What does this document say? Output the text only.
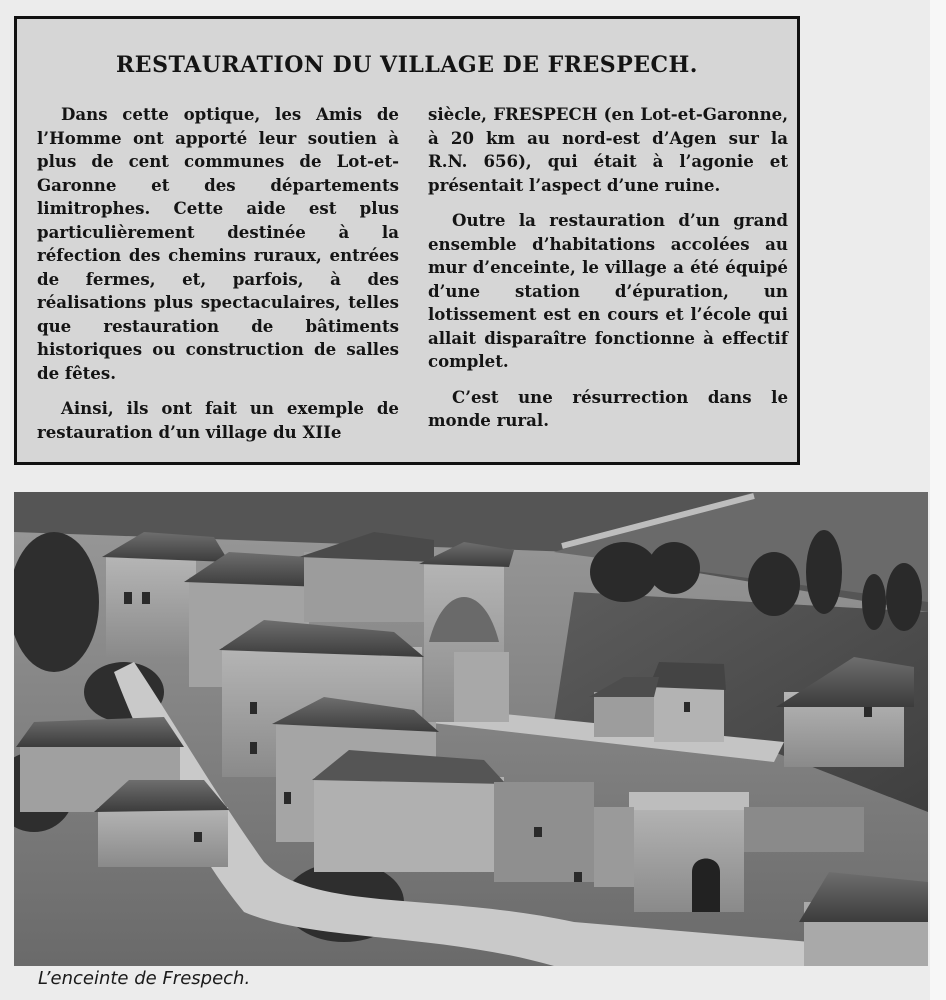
RESTAURATION DU VILLAGE DE FRESPECH.

Dans cette optique, les Amis de l’Homme ont apporté leur soutien à plus de cent communes de Lot-et-Garonne et des départements limitrophes. Cette aide est plus particulièrement destinée à la réfection des chemins ruraux, entrées de fermes, et, parfois, à des réalisations plus spectaculaires, telles que restauration de bâtiments historiques ou construction de salles de fêtes.

Ainsi, ils ont fait un exemple de restauration d’un village du XIIe

siècle, FRESPECH (en Lot-et-Garonne, à 20 km au nord-est d’Agen sur la R.N. 656), qui était à l’agonie et présentait l’aspect d’une ruine.

Outre la restauration d’un grand ensemble d’habitations accolées au mur d’enceinte, le village a été équipé d’une station d’épuration, un lotissement est en cours et l’école qui allait disparaître fonctionne à effectif complet.

C’est une résurrection dans le monde rural.

L’enceinte de Frespech.
